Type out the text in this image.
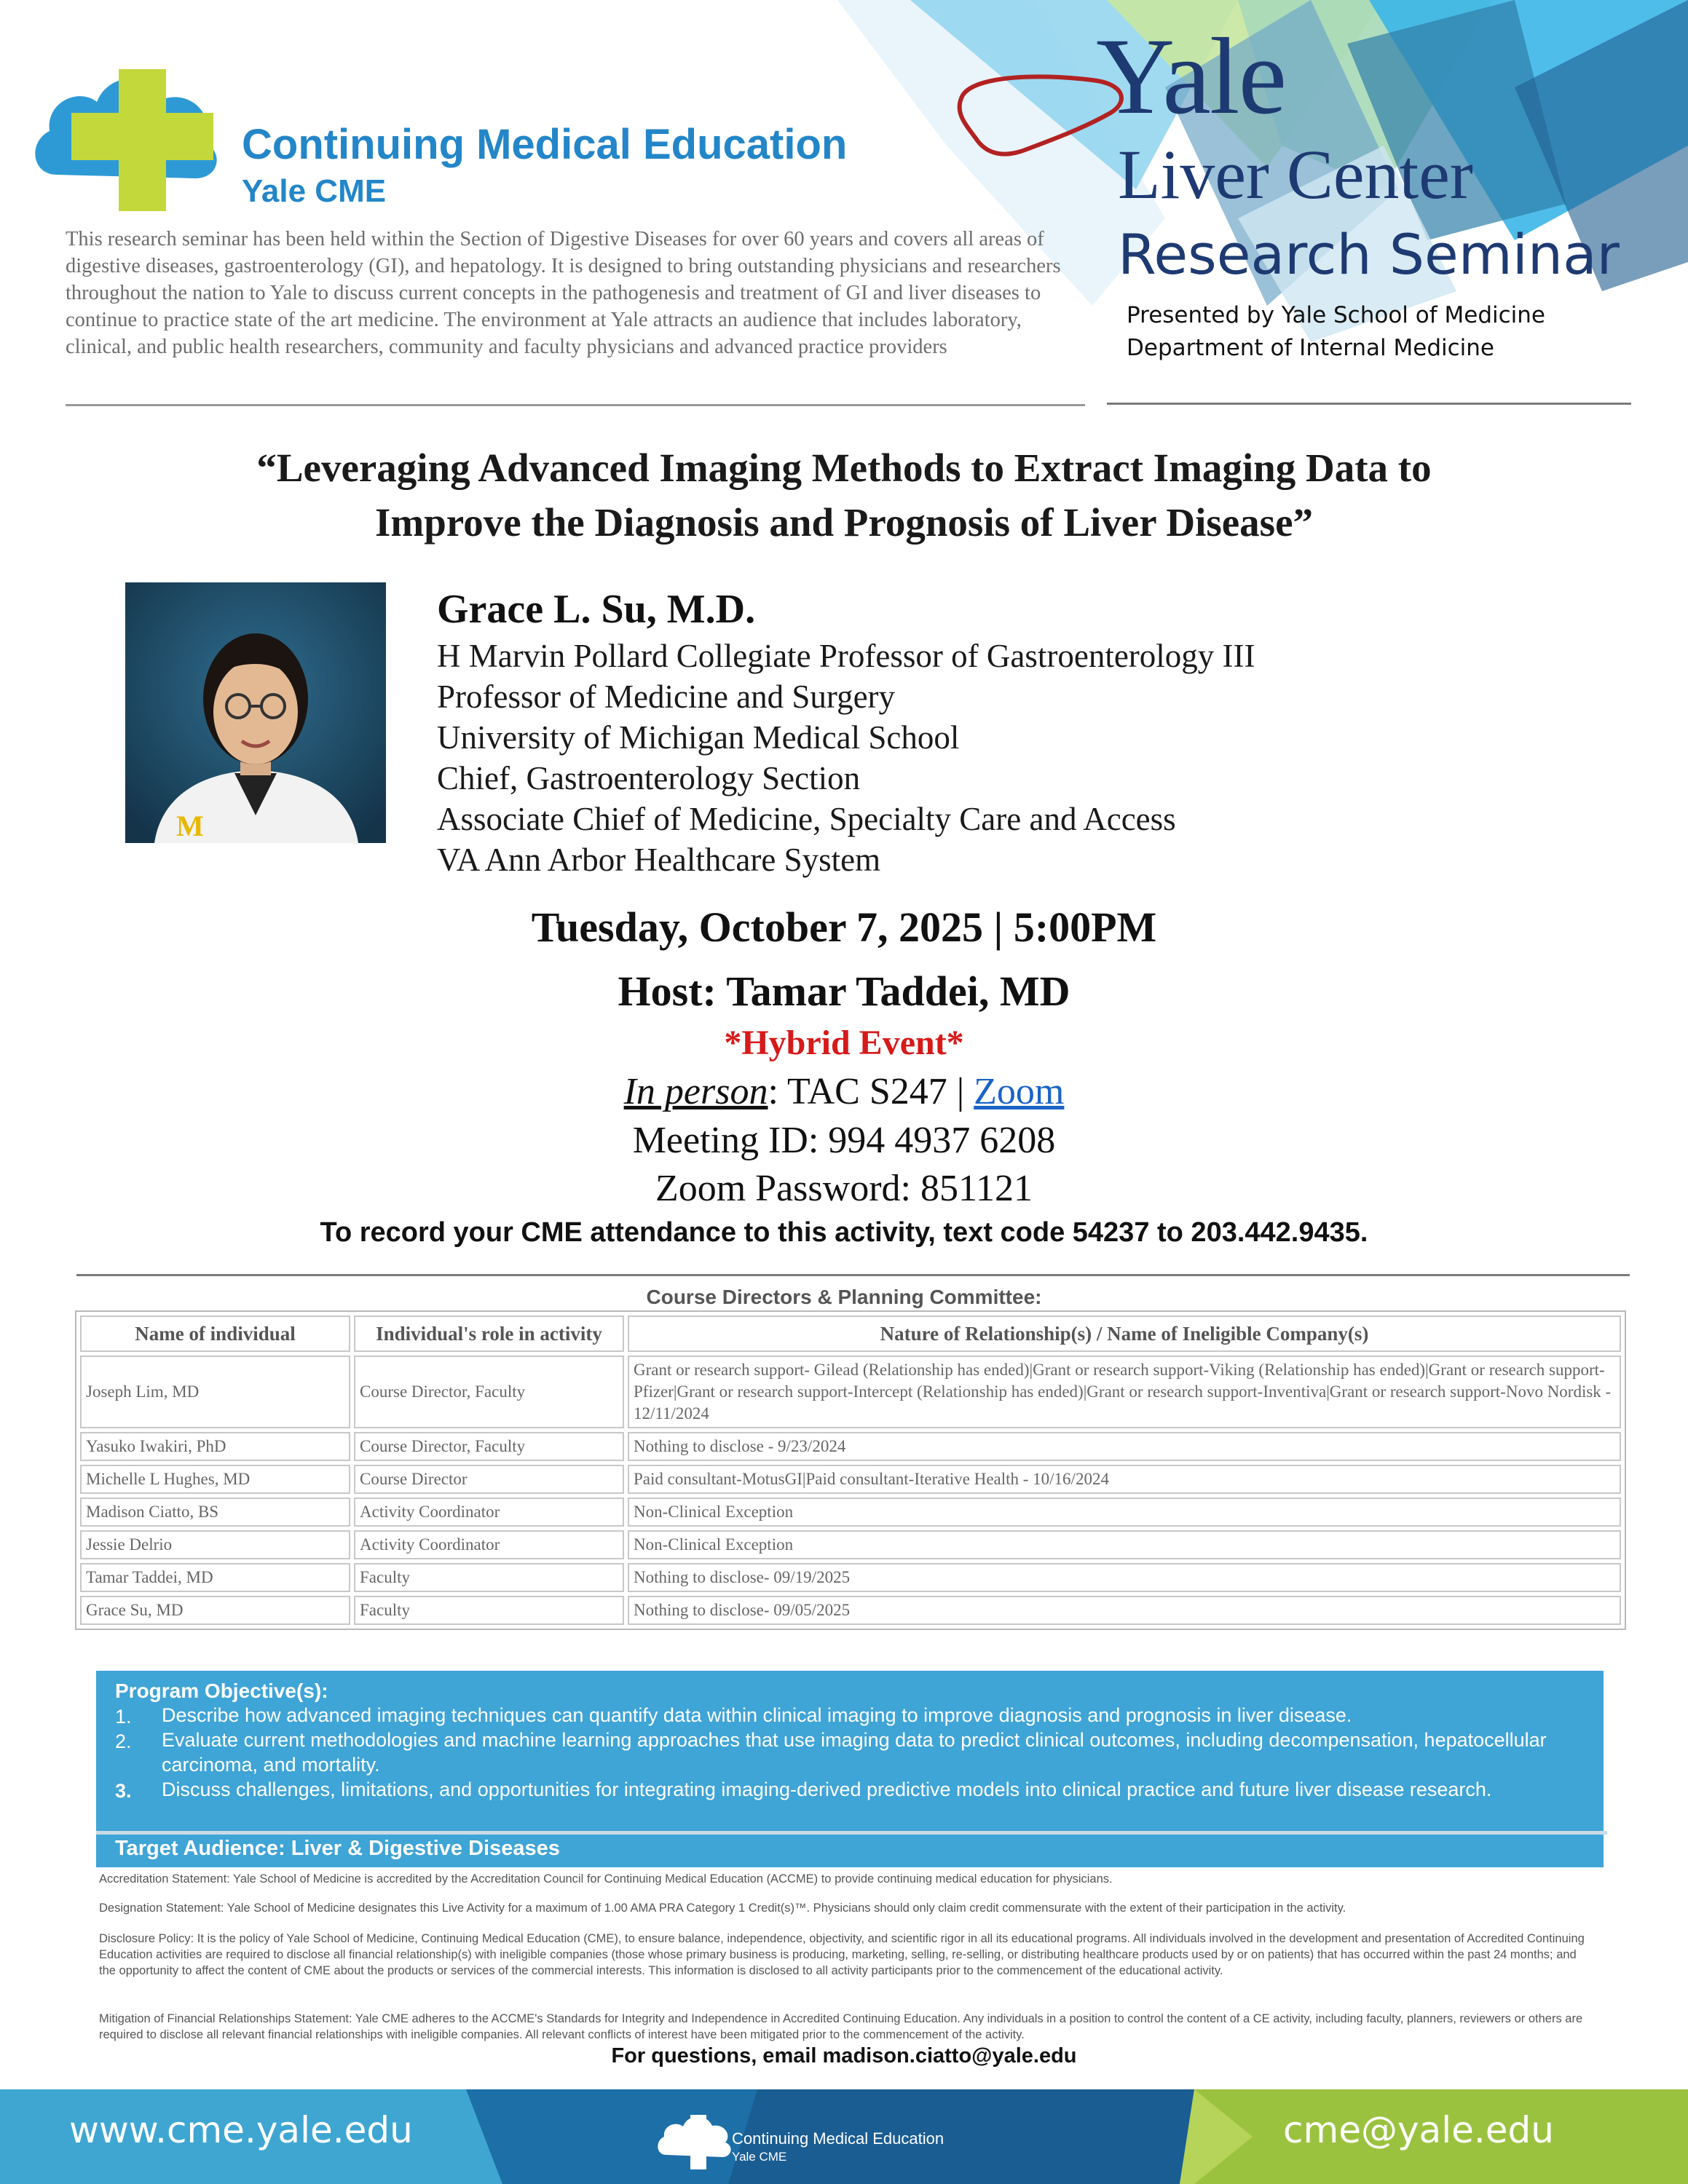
Continuing Medical Education
Yale CME
This research seminar has been held within the Section of Digestive Diseases for over 60 years and covers all areas of digestive diseases, gastroenterology (GI), and hepatology. It is designed to bring outstanding physicians and researchers throughout the nation to Yale to discuss current concepts in the pathogenesis and treatment of GI and liver diseases to continue to practice state of the art medicine. The environment at Yale attracts an audience that includes laboratory, clinical, and public health researchers, community and faculty physicians and advanced practice providers
Yale
Liver Center
Research Seminar
Presented by Yale School of Medicine
Department of Internal Medicine
“Leveraging Advanced Imaging Methods to Extract Imaging Data to
Improve the Diagnosis and Prognosis of Liver Disease”
M
Grace L. Su, M.D.
H Marvin Pollard Collegiate Professor of Gastroenterology III
Professor of Medicine and Surgery
University of Michigan Medical School
Chief, Gastroenterology Section
Associate Chief of Medicine, Specialty Care and Access
VA Ann Arbor Healthcare System
Tuesday, October 7, 2025 | 5:00PM
Host: Tamar Taddei, MD
*Hybrid Event*
In person: TAC S247 | Zoom
Meeting ID: 994 4937 6208
Zoom Password: 851121
To record your CME attendance to this activity, text code 54237 to 203.442.9435.
Course Directors & Planning Committee:
Name of individual	Individual's role in activity	Nature of Relationship(s) / Name of Ineligible Company(s)
Joseph Lim, MD	Course Director, Faculty	Grant or research support- Gilead (Relationship has ended)|Grant or research support-Viking (Relationship has ended)|Grant or research support-Pfizer|Grant or research support-Intercept (Relationship has ended)|Grant or research support-Inventiva|Grant or research support-Novo Nordisk - 12/11/2024
Yasuko Iwakiri, PhD	Course Director, Faculty	Nothing to disclose - 9/23/2024
Michelle L Hughes, MD	Course Director	Paid consultant-MotusGI|Paid consultant-Iterative Health - 10/16/2024
Madison Ciatto, BS	Activity Coordinator	Non-Clinical Exception
Jessie Delrio	Activity Coordinator	Non-Clinical Exception
Tamar Taddei, MD	Faculty	Nothing to disclose- 09/19/2025
Grace Su, MD	Faculty	Nothing to disclose- 09/05/2025
Program Objective(s):
1. Describe how advanced imaging techniques can quantify data within clinical imaging to improve diagnosis and prognosis in liver disease.
2. Evaluate current methodologies and machine learning approaches that use imaging data to predict clinical outcomes, including decompensation, hepatocellular carcinoma, and mortality.
3. Discuss challenges, limitations, and opportunities for integrating imaging-derived predictive models into clinical practice and future liver disease research.
Target Audience: Liver & Digestive Diseases
Accreditation Statement: Yale School of Medicine is accredited by the Accreditation Council for Continuing Medical Education (ACCME) to provide continuing medical education for physicians.
Designation Statement: Yale School of Medicine designates this Live Activity for a maximum of 1.00 AMA PRA Category 1 Credit(s)™. Physicians should only claim credit commensurate with the extent of their participation in the activity.
Disclosure Policy: It is the policy of Yale School of Medicine, Continuing Medical Education (CME), to ensure balance, independence, objectivity, and scientific rigor in all its educational programs. All individuals involved in the development and presentation of Accredited Continuing Education activities are required to disclose all financial relationship(s) with ineligible companies (those whose primary business is producing, marketing, selling, re-selling, or distributing healthcare products used by or on patients) that has occurred within the past 24 months; and the opportunity to affect the content of CME about the products or services of the commercial interests. This information is disclosed to all activity participants prior to the commencement of the educational activity.
Mitigation of Financial Relationships Statement: Yale CME adheres to the ACCME's Standards for Integrity and Independence in Accredited Continuing Education. Any individuals in a position to control the content of a CE activity, including faculty, planners, reviewers or others are required to disclose all relevant financial relationships with ineligible companies. All relevant conflicts of interest have been mitigated prior to the commencement of the activity.
For questions, email madison.ciatto@yale.edu
www.cme.yale.edu	Continuing Medical Education
Yale CME
cme@yale.edu
